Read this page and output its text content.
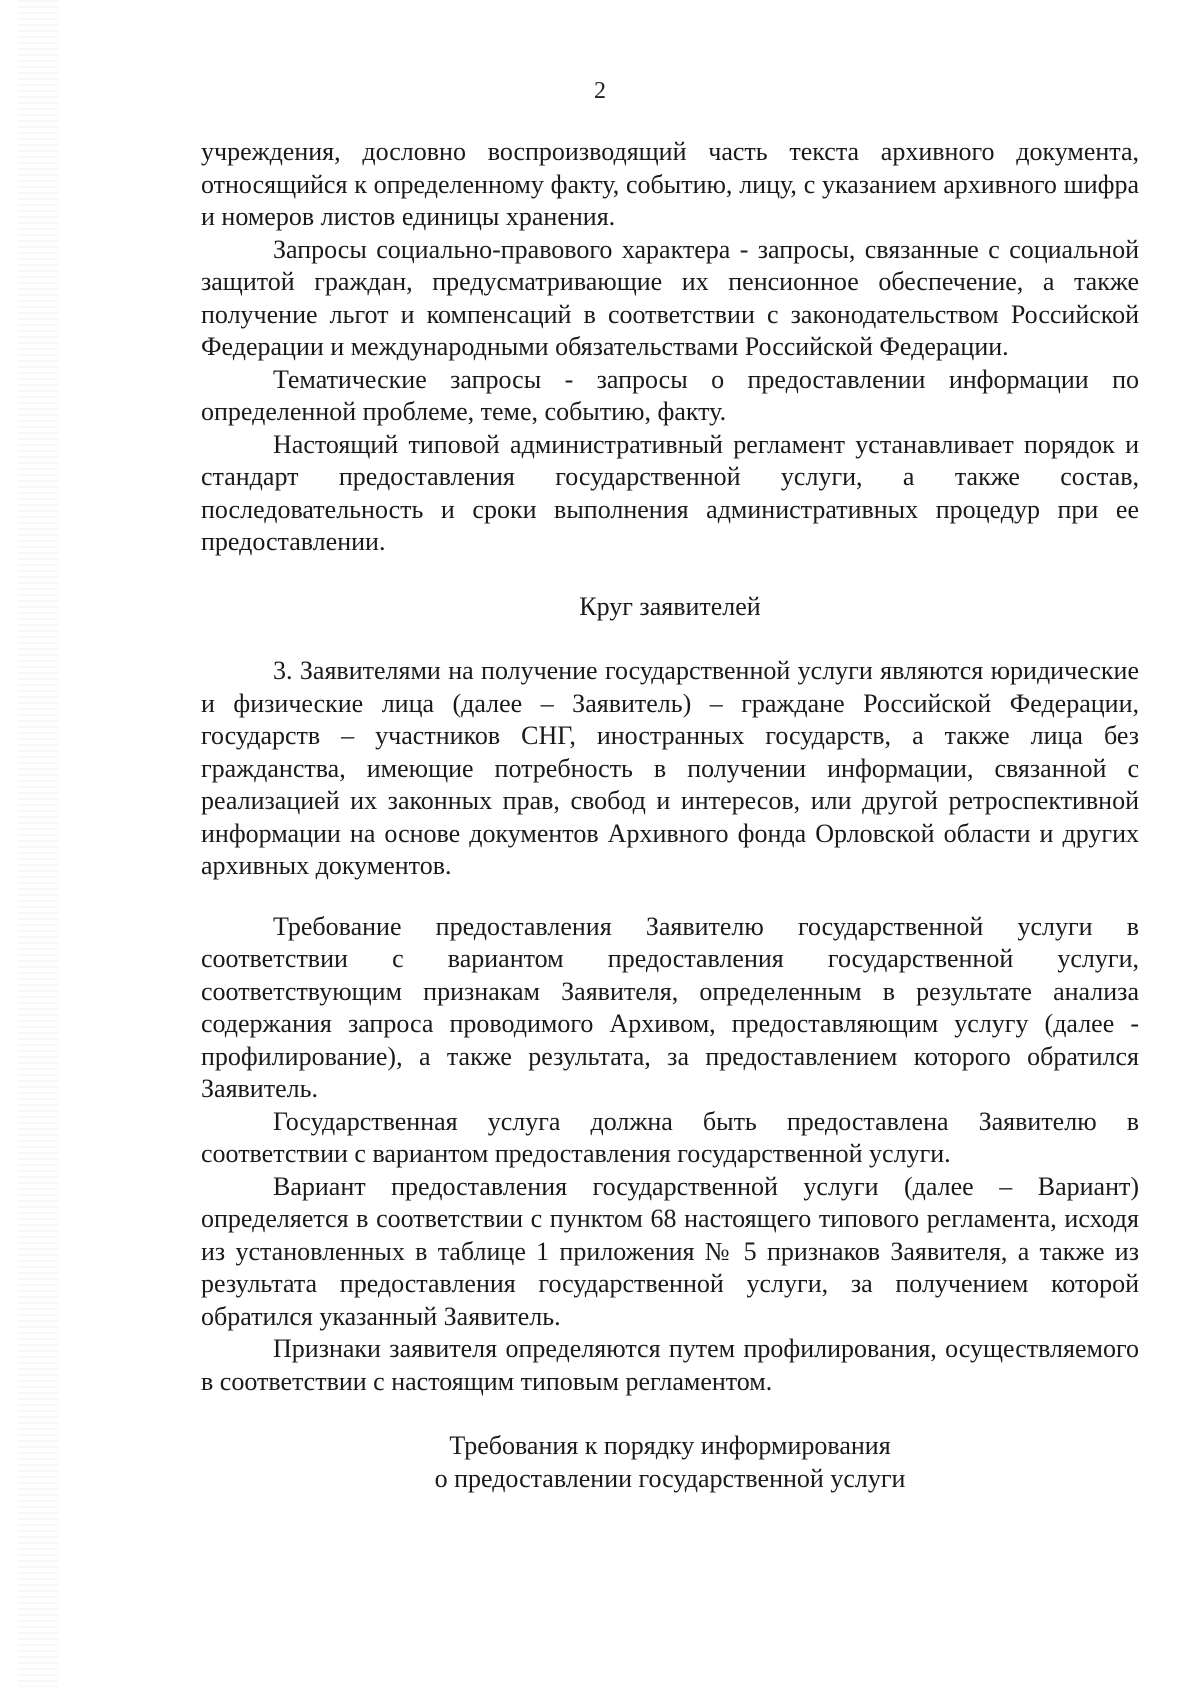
2

учреждения, дословно воспроизводящий часть текста архивного документа, относящийся к определенному факту, событию, лицу, с указанием архивного шифра и номеров листов единицы хранения.

Запросы социально-правового характера - запросы, связанные с социальной защитой граждан, предусматривающие их пенсионное обеспечение, а также получение льгот и компенсаций в соответствии с законодательством Российской Федерации и международными обязательствами Российской Федерации.

Тематические запросы - запросы о предоставлении информации по определенной проблеме, теме, событию, факту.

Настоящий типовой административный регламент устанавливает порядок и стандарт предоставления государственной услуги, а также состав, последовательность и сроки выполнения административных процедур при ее предоставлении.

Круг заявителей

3. Заявителями на получение государственной услуги являются юридические и физические лица (далее – Заявитель) – граждане Российской Федерации, государств – участников СНГ, иностранных государств, а также лица без гражданства, имеющие потребность в получении информации, связанной с реализацией их законных прав, свобод и интересов, или другой ретроспективной информации на основе документов Архивного фонда Орловской области и других архивных документов.

Требование предоставления Заявителю государственной услуги в соответствии с вариантом предоставления государственной услуги, соответствующим признакам Заявителя, определенным в результате анализа содержания запроса проводимого Архивом, предоставляющим услугу (далее - профилирование), а также результата, за предоставлением которого обратился Заявитель.

Государственная услуга должна быть предоставлена Заявителю в соответствии с вариантом предоставления государственной услуги.

Вариант предоставления государственной услуги (далее – Вариант) определяется в соответствии с пунктом 68 настоящего типового регламента, исходя из установленных в таблице 1 приложения № 5 признаков Заявителя, а также из результата предоставления государственной услуги, за получением которой обратился указанный Заявитель.

Признаки заявителя определяются путем профилирования, осуществляемого в соответствии с настоящим типовым регламентом.

Требования к порядку информирования
о предоставлении государственной услуги
